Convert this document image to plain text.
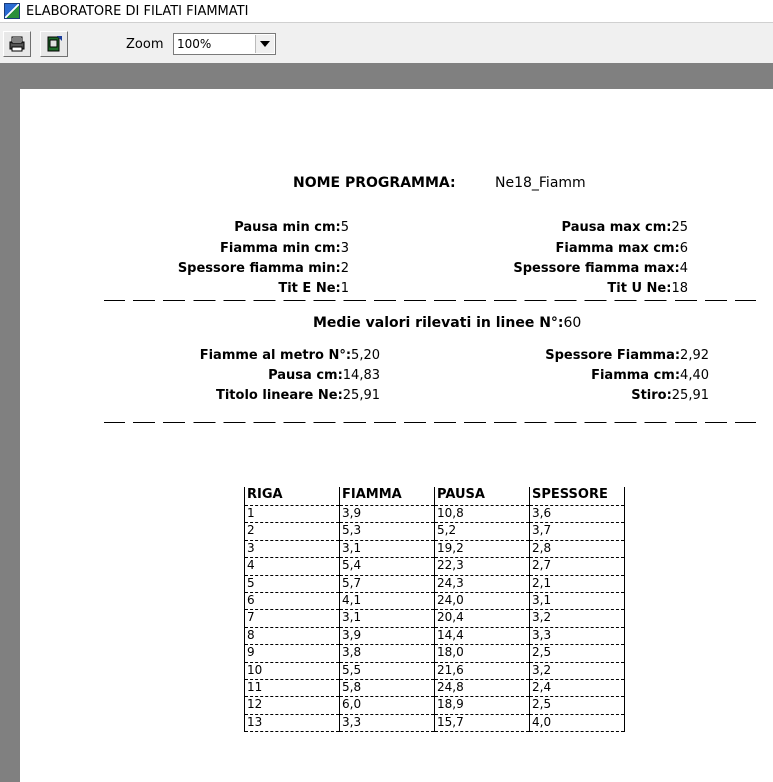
ELABORATORE DI FILATI FIAMMATI
Zoom 100%
NOME PROGRAMMA:	Ne18_Fiamm
Pausa min cm:5
Fiamma min cm:3
Spessore fiamma min:2
Tit E Ne:1
Pausa max cm:25
Fiamma max cm:6
Spessore fiamma max:4
Tit U Ne:18
Medie valori rilevati in linee N°:60
Fiamme al metro N°:5,20
Pausa cm:14,83
Titolo lineare Ne:25,91
Spessore Fiamma:2,92
Fiamma cm:4,40
Stiro:25,91
RIGA	FIAMMA	PAUSA	SPESSORE
1	3,9	10,8	3,6
2	5,3	5,2	3,7
3	3,1	19,2	2,8
4	5,4	22,3	2,7
5	5,7	24,3	2,1
6	4,1	24,0	3,1
7	3,1	20,4	3,2
8	3,9	14,4	3,3
9	3,8	18,0	2,5
10	5,5	21,6	3,2
11	5,8	24,8	2,4
12	6,0	18,9	2,5
13	3,3	15,7	4,0
